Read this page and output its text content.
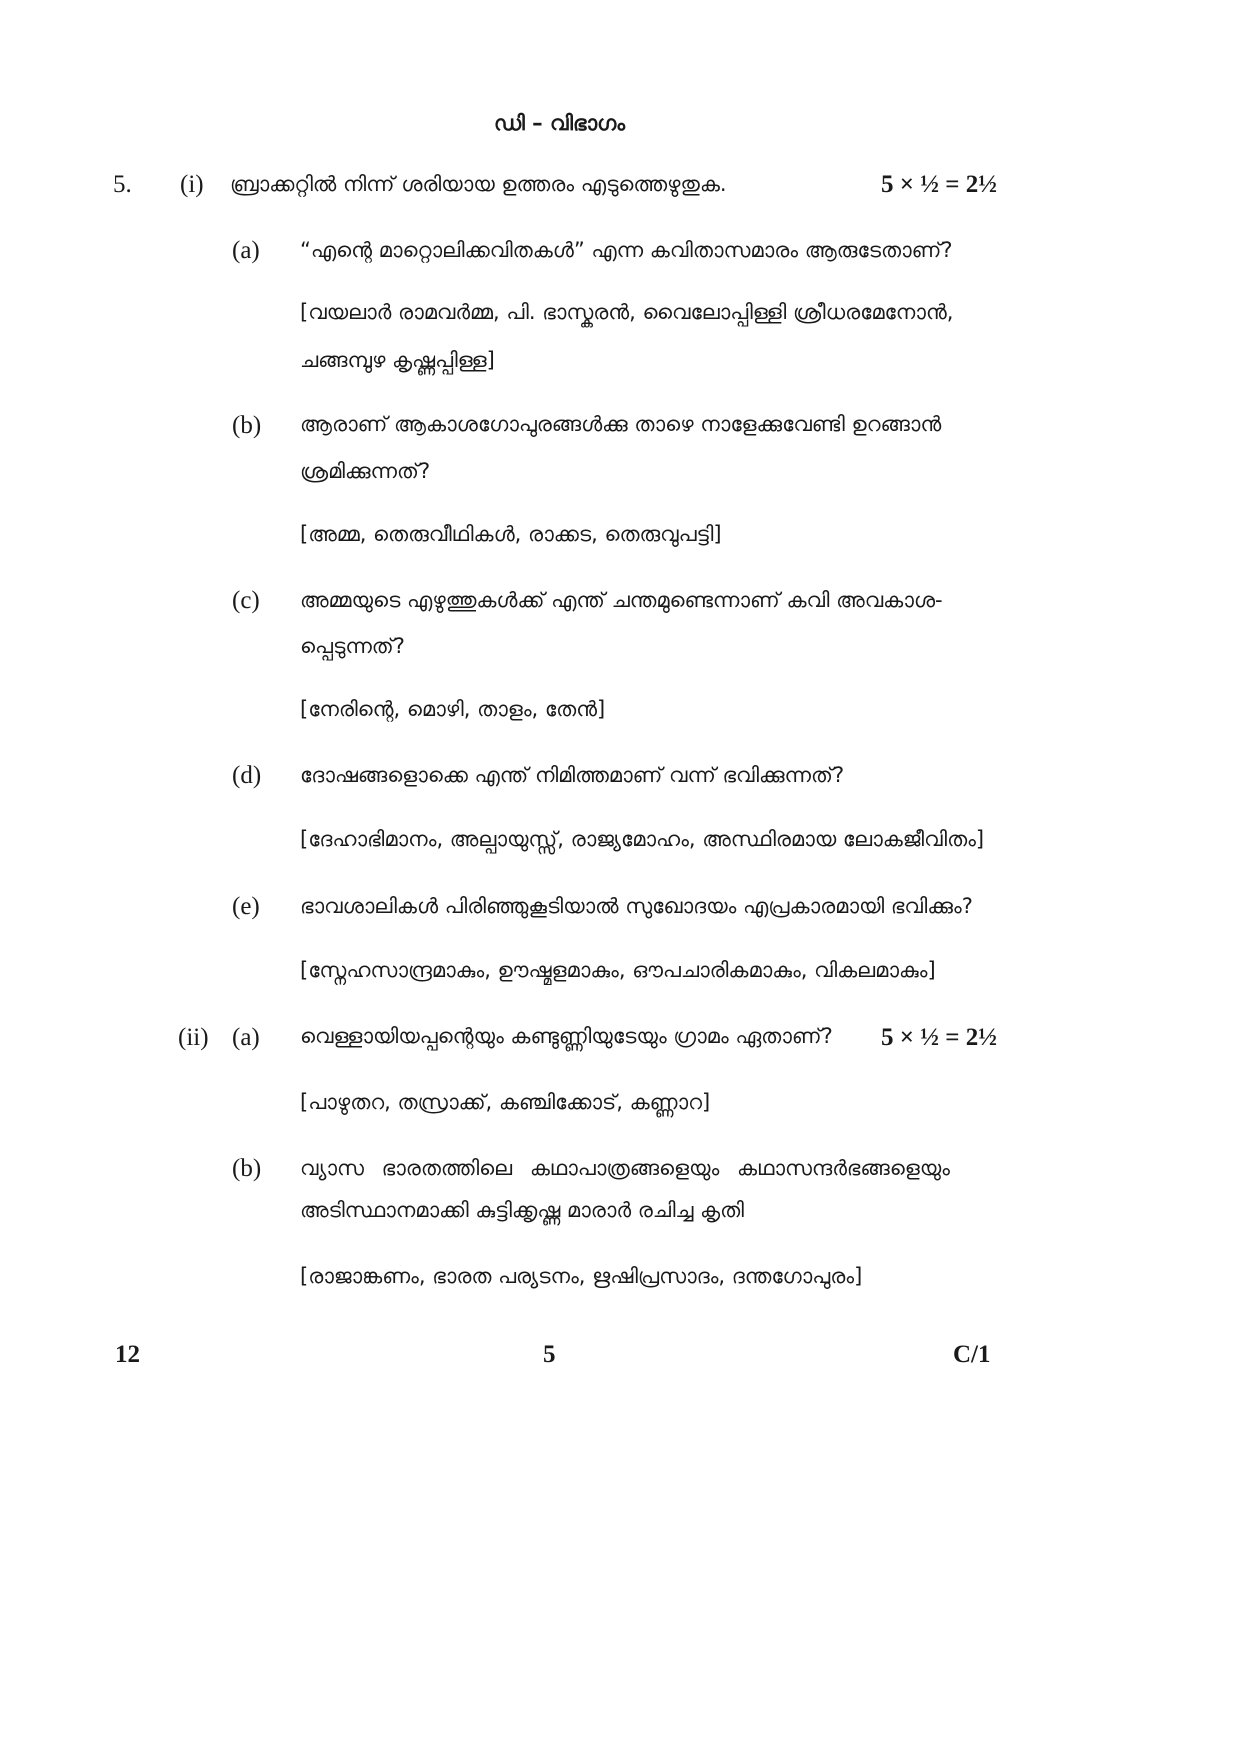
ഡി – വിഭാഗം
5. (i) ബ്രാക്കറ്റിൽ നിന്ന് ശരിയായ ഉത്തരം എടുത്തെഴുതുക.	5 × ½ = 2½
(a) “എന്റെ മാറ്റൊലിക്കവിതകൾ” എന്ന കവിതാസമാരം ആരുടേതാണ്?
[വയലാർ രാമവർമ്മ, പി. ഭാസ്കരൻ, വൈലോപ്പിള്ളി ശ്രീധരമേനോൻ,
ചങ്ങമ്പുഴ കൃഷ്ണപ്പിള്ള]
(b) ആരാണ് ആകാശഗോപുരങ്ങൾക്കു താഴെ നാളേക്കുവേണ്ടി ഉറങ്ങാൻ
ശ്രമിക്കുന്നത്?
[അമ്മ, തെരുവീഥികൾ, രാക്കട, തെരുവുപട്ടി]
(c) അമ്മയുടെ എഴുത്തുകൾക്ക് എന്ത് ചന്തമുണ്ടെന്നാണ് കവി അവകാശ-
പ്പെടുന്നത്?
[നേരിന്റെ, മൊഴി, താളം, തേൻ]
(d) ദോഷങ്ങളൊക്കെ എന്ത് നിമിത്തമാണ് വന്ന് ഭവിക്കുന്നത്?
[ദേഹാഭിമാനം, അല്പായുസ്സ്, രാജ്യമോഹം, അസ്ഥിരമായ ലോകജീവിതം]
(e) ഭാവശാലികൾ പിരിഞ്ഞുകൂടിയാൽ സുഖോദയം എപ്രകാരമായി ഭവിക്കും?
[സ്നേഹസാന്ദ്രമാകും, ഊഷ്മളമാകും, ഔപചാരികമാകും, വികലമാകും]
(ii) (a) വെള്ളായിയപ്പന്റെയും കണ്ടുണ്ണിയുടേയും ഗ്രാമം ഏതാണ്? 5 × ½ = 2½
[പാഴുതറ, തസ്രാക്ക്, കഞ്ചിക്കോട്, കണ്ണാറ]
(b) വ്യാസ ഭാരതത്തിലെ കഥാപാത്രങ്ങളെയും കഥാസന്ദർഭങ്ങളെയും
അടിസ്ഥാനമാക്കി കുട്ടിക്കൃഷ്ണ മാരാർ രചിച്ച കൃതി
[രാജാങ്കണം, ഭാരത പര്യടനം, ഋഷിപ്രസാദം, ദന്തഗോപുരം]
12	5	C/1
